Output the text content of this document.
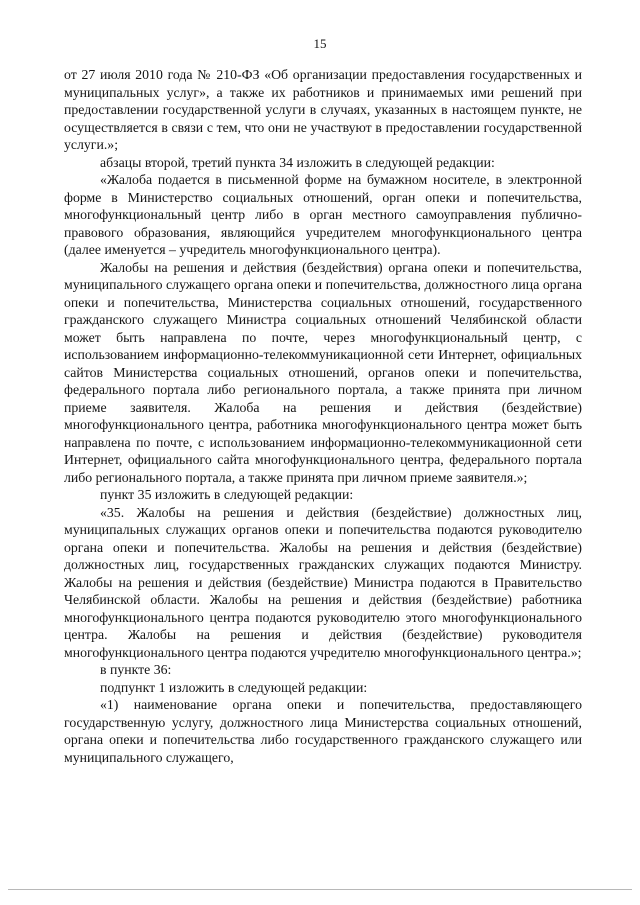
15

от 27 июля 2010 года № 210-ФЗ «Об организации предоставления государственных и муниципальных услуг», а также их работников и принимаемых ими решений при предоставлении государственной услуги в случаях, указанных в настоящем пункте, не осуществляется в связи с тем, что они не участвуют в предоставлении государственной услуги.»;

абзацы второй, третий пункта 34 изложить в следующей редакции:

«Жалоба подается в письменной форме на бумажном носителе, в электронной форме в Министерство социальных отношений, орган опеки и попечительства, многофункциональный центр либо в орган местного самоуправления публично-правового образования, являющийся учредителем многофункционального центра (далее именуется – учредитель многофункционального центра).

Жалобы на решения и действия (бездействия) органа опеки и попечительства, муниципального служащего органа опеки и попечительства, должностного лица органа опеки и попечительства, Министерства социальных отношений, государственного гражданского служащего Министра социальных отношений Челябинской области может быть направлена по почте, через многофункциональный центр, с использованием информационно-телекоммуникационной сети Интернет, официальных сайтов Министерства социальных отношений, органов опеки и попечительства, федерального портала либо регионального портала, а также принята при личном приеме заявителя. Жалоба на решения и действия (бездействие) многофункционального центра, работника многофункционального центра может быть направлена по почте, с использованием информационно-телекоммуникационной сети Интернет, официального сайта многофункционального центра, федерального портала либо регионального портала, а также принята при личном приеме заявителя.»;

пункт 35 изложить в следующей редакции:

«35. Жалобы на решения и действия (бездействие) должностных лиц, муниципальных служащих органов опеки и попечительства подаются руководителю органа опеки и попечительства. Жалобы на решения и действия (бездействие) должностных лиц, государственных гражданских служащих подаются Министру. Жалобы на решения и действия (бездействие) Министра подаются в Правительство Челябинской области. Жалобы на решения и действия (бездействие) работника многофункционального центра подаются руководителю этого многофункционального центра. Жалобы на решения и действия (бездействие) руководителя многофункционального центра подаются учредителю многофункционального центра.»;

в пункте 36:

подпункт 1 изложить в следующей редакции:

«1) наименование органа опеки и попечительства, предоставляющего государственную услугу, должностного лица Министерства социальных отношений, органа опеки и попечительства либо государственного гражданского служащего или муниципального служащего,
